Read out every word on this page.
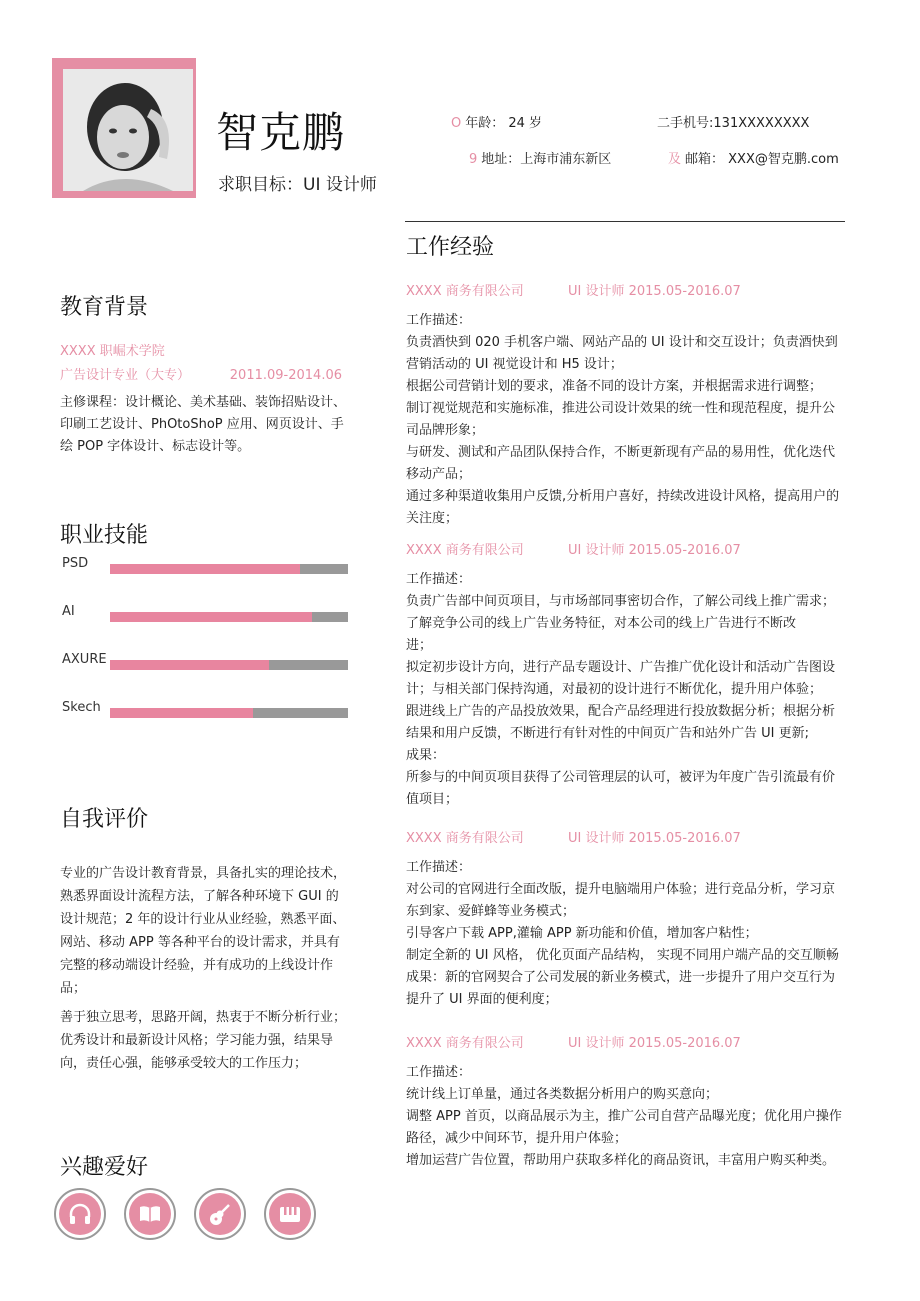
智克鹏
求职目标：UI 设计师
O 年龄： 24 岁	二手机号:131XXXXXXXX
9 地址：上海市浦东新区	及 邮箱： XXX@智克鹏.com
教育背景
XXXX 职崛术学院
广告设计专业（大专）	2011.09-2014.06
主修课程：设计概论、美术基础、装饰招贴设计、印刷工艺设计、PhOtoShoP 应用、网页设计、手绘 POP 字体设计、标志设计等。
职业技能
PSD
AI
AXURE
Skech
自我评价

专业的广告设计教育背景，具备扎实的理论技术，熟悉界面设计流程方法，了解各种环境下 GUI 的设计规范；2 年的设计行业从业经验，熟悉平面、网站、移动 APP 等各种平台的设计需求，并具有完整的移动端设计经验，并有成功的上线设计作品；

善于独立思考，思路开阔，热衷于不断分析行业；优秀设计和最新设计风格；学习能力强，结果导向，责任心强，能够承受较大的工作压力；

兴趣爱好
工作经验
XXXX 商务有限公司	UI 设计师 2015.05-2016.07
工作描述：
负责酒快到 020 手机客户端、网站产品的 UI 设计和交互设计；负责酒快到
营销活动的 UI 视觉设计和 H5 设计；
根据公司营销计划的要求，准备不同的设计方案，并根据需求进行调整；
制订视觉规范和实施标准，推进公司设计效果的统一性和现范程度，提升公
司品牌形象；
与研发、测试和产品团队保持合作，不断更新现有产品的易用性，优化迭代
移动产品；
通过多种渠道收集用户反馈,分析用户喜好，持续改进设计风格，提高用户的
关注度；
XXXX 商务有限公司	UI 设计师 2015.05-2016.07
工作描述：
负责广告部中间页项目，与市场部同事密切合作，了解公司线上推广需求；
了解竞争公司的线上广告业务特征，对本公司的线上广告进行不断改
进；
拟定初步设计方向，进行产品专题设计、广告推广优化设计和活动广告图设
计；与相关部门保持沟通，对最初的设计进行不断优化，提升用户体验；
跟进线上广告的产品投放效果，配合产品经理进行投放数据分析；根据分析
结果和用户反馈，不断进行有针对性的中间页广告和站外广告 UI 更新;
成果：
所参与的中间页项目获得了公司管理层的认可，被评为年度广告引流最有价
值项目；
XXXX 商务有限公司	UI 设计师 2015.05-2016.07
工作描述：
对公司的官网进行全面改版，提升电脑端用户体验；进行竞品分析，学习京
东到家、爱鲜蜂等业务模式；
引导客户下载 APP,灌输 APP 新功能和价值，增加客户粘性；
制定全新的 UI 风格， 优化页面产品结构， 实现不同用户端产品的交互顺畅
成果：新的官网契合了公司发展的新业务模式，进一步提升了用户交互行为
提升了 UI 界面的便利度；
XXXX 商务有限公司	UI 设计师 2015.05-2016.07
工作描述：
统计线上订单量，通过各类数据分析用户的购买意向；
调整 APP 首页，以商品展示为主，推广公司自营产品曝光度；优化用户操作
路径，减少中间环节，提升用户体验；
增加运营广告位置，帮助用户获取多样化的商品资讯，丰富用户购买种类。
